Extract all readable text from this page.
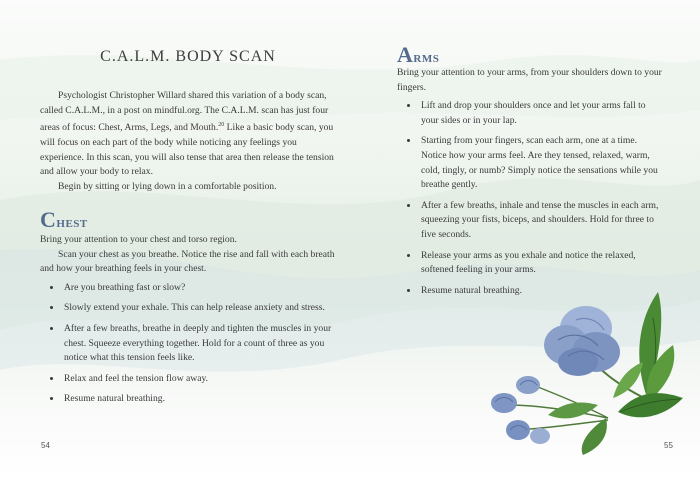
C.A.L.M. BODY SCAN

Psychologist Christopher Willard shared this variation of a body scan, called C.A.L.M., in a post on mindful.org. The C.A.L.M. scan has just four areas of focus: Chest, Arms, Legs, and Mouth.$^{20}$ Like a basic body scan, you will focus on each part of the body while noticing any feelings you experience. In this scan, you will also tense that area then release the tension and allow your body to relax.

Begin by sitting or lying down in a comfortable position.

Chest

Bring your attention to your chest and torso region.

Scan your chest as you breathe. Notice the rise and fall with each breath and how your breathing feels in your chest.

• Are you breathing fast or slow?
• Slowly extend your exhale. This can help release anxiety and stress.
• After a few breaths, breathe in deeply and tighten the muscles in your chest. Squeeze everything together. Hold for a count of three as you notice what this tension feels like.
• Relax and feel the tension flow away.
• Resume natural breathing.
54
Arms

Bring your attention to your arms, from your shoulders down to your fingers.

• Lift and drop your shoulders once and let your arms fall to your sides or in your lap.
• Starting from your fingers, scan each arm, one at a time. Notice how your arms feel. Are they tensed, relaxed, warm, cold, tingly, or numb? Simply notice the sensations while you breathe gently.
• After a few breaths, inhale and tense the muscles in each arm, squeezing your fists, biceps, and shoulders. Hold for three to five seconds.
• Release your arms as you exhale and notice the relaxed, softened feeling in your arms.
• Resume natural breathing.
55
